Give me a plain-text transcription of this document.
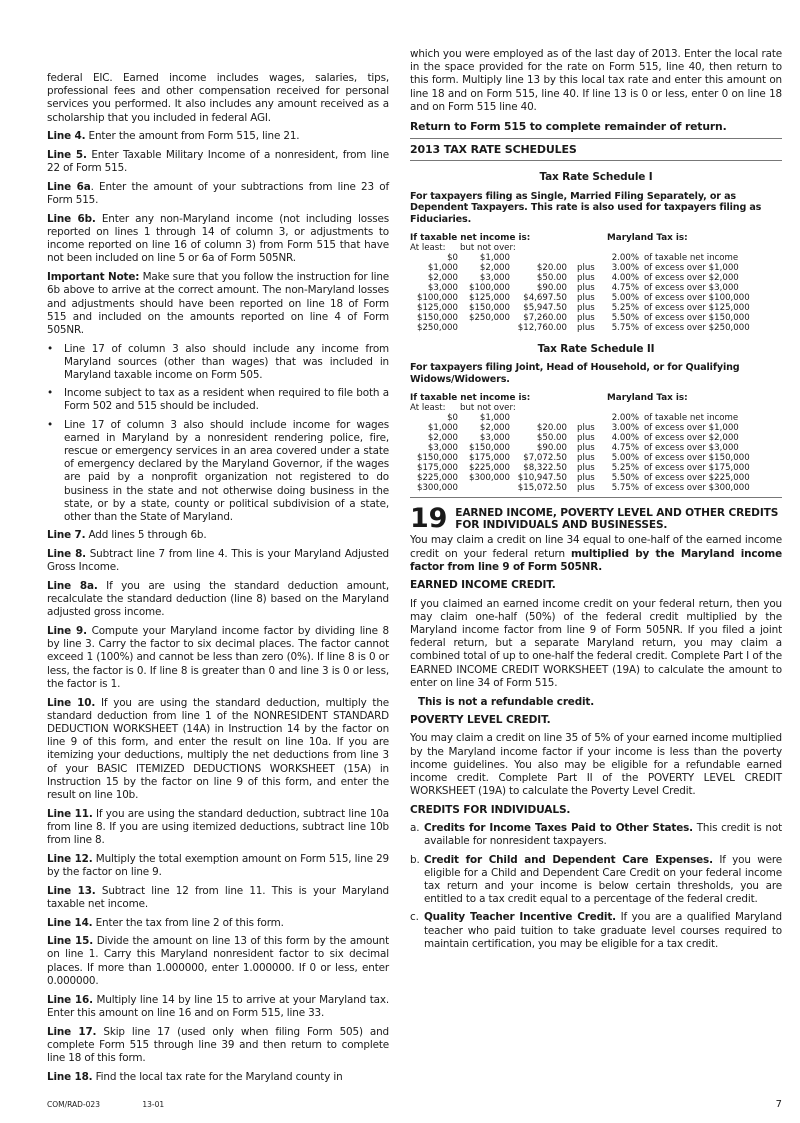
federal EIC. Earned income includes wages, salaries, tips, professional fees and other compensation received for personal services you performed. It also includes any amount received as a scholarship that you included in federal AGI.

Line 4. Enter the amount from Form 515, line 21.

Line 5. Enter Taxable Military Income of a nonresident, from line 22 of Form 515.

Line 6a. Enter the amount of your subtractions from line 23 of Form 515.

Line 6b. Enter any non-Maryland income (not including losses reported on lines 1 through 14 of column 3, or adjustments to income reported on line 16 of column 3) from Form 515 that have not been included on line 5 or 6a of Form 505NR.

Important Note: Make sure that you follow the instruction for line 6b above to arrive at the correct amount. The non-Maryland losses and adjustments should have been reported on line 18 of Form 515 and included on the amounts reported on line 4 of Form 505NR.

• Line 17 of column 3 also should include any income from Maryland sources (other than wages) that was included in Maryland taxable income on Form 505.
• Income subject to tax as a resident when required to file both a Form 502 and 515 should be included.
• Line 17 of column 3 also should include income for wages earned in Maryland by a nonresident rendering police, fire, rescue or emergency services in an area covered under a state of emergency declared by the Maryland Governor, if the wages are paid by a nonprofit organization not registered to do business in the state and not otherwise doing business in the state, or by a state, county or political subdivision of a state, other than the State of Maryland.

Line 7. Add lines 5 through 6b.

Line 8. Subtract line 7 from line 4. This is your Maryland Adjusted Gross Income.

Line 8a. If you are using the standard deduction amount, recalculate the standard deduction (line 8) based on the Maryland adjusted gross income.

Line 9. Compute your Maryland income factor by dividing line 8 by line 3. Carry the factor to six decimal places. The factor cannot exceed 1 (100%) and cannot be less than zero (0%). If line 8 is 0 or less, the factor is 0. If line 8 is greater than 0 and line 3 is 0 or less, the factor is 1.

Line 10. If you are using the standard deduction, multiply the standard deduction from line 1 of the NONRESIDENT STANDARD DEDUCTION WORKSHEET (14A) in Instruction 14 by the factor on line 9 of this form, and enter the result on line 10a. If you are itemizing your deductions, multiply the net deductions from line 3 of your BASIC ITEMIZED DEDUCTIONS WORKSHEET (15A) in Instruction 15 by the factor on line 9 of this form, and enter the result on line 10b.

Line 11. If you are using the standard deduction, subtract line 10a from line 8. If you are using itemized deductions, subtract line 10b from line 8.

Line 12. Multiply the total exemption amount on Form 515, line 29 by the factor on line 9.

Line 13. Subtract line 12 from line 11. This is your Maryland taxable net income.

Line 14. Enter the tax from line 2 of this form.

Line 15. Divide the amount on line 13 of this form by the amount on line 1. Carry this Maryland nonresident factor to six decimal places. If more than 1.000000, enter 1.000000. If 0 or less, enter 0.000000.

Line 16. Multiply line 14 by line 15 to arrive at your Maryland tax. Enter this amount on line 16 and on Form 515, line 33.

Line 17. Skip line 17 (used only when filing Form 505) and complete Form 515 through line 39 and then return to complete line 18 of this form.

Line 18. Find the local tax rate for the Maryland county in

which you were employed as of the last day of 2013. Enter the local rate in the space provided for the rate on Form 515, line 40, then return to this form. Multiply line 13 by this local tax rate and enter this amount on line 18 and on Form 515, line 40. If line 13 is 0 or less, enter 0 on line 18 and on Form 515 line 40.

Return to Form 515 to complete remainder of return.

2013 TAX RATE SCHEDULES
Tax Rate Schedule I
For taxpayers filing as Single, Married Filing Separately, or as Dependent Taxpayers. This rate is also used for taxpayers filing as Fiduciaries.
If taxable net income is:				Maryland Tax is:	
At least:	but not over:				
$0	$1,000			2.00%	of taxable net income
$1,000	$2,000	$20.00	plus	3.00%	of excess over $1,000
$2,000	$3,000	$50.00	plus	4.00%	of excess over $2,000
$3,000	$100,000	$90.00	plus	4.75%	of excess over $3,000
$100,000	$125,000	$4,697.50	plus	5.00%	of excess over $100,000
$125,000	$150,000	$5,947.50	plus	5.25%	of excess over $125,000
$150,000	$250,000	$7,260.00	plus	5.50%	of excess over $150,000
$250,000		$12,760.00	plus	5.75%	of excess over $250,000
Tax Rate Schedule II
For taxpayers filing Joint, Head of Household, or for Qualifying Widows/Widowers.
If taxable net income is:				Maryland Tax is:	
At least:	but not over:				
$0	$1,000			2.00%	of taxable net income
$1,000	$2,000	$20.00	plus	3.00%	of excess over $1,000
$2,000	$3,000	$50.00	plus	4.00%	of excess over $2,000
$3,000	$150,000	$90.00	plus	4.75%	of excess over $3,000
$150,000	$175,000	$7,072.50	plus	5.00%	of excess over $150,000
$175,000	$225,000	$8,322.50	plus	5.25%	of excess over $175,000
$225,000	$300,000	$10,947.50	plus	5.50%	of excess over $225,000
$300,000		$15,072.50	plus	5.75%	of excess over $300,000
19 EARNED INCOME, POVERTY LEVEL AND OTHER CREDITS FOR INDIVIDUALS AND BUSINESSES.

You may claim a credit on line 34 equal to one-half of the earned income credit on your federal return multiplied by the Maryland income factor from line 9 of Form 505NR.

EARNED INCOME CREDIT.

If you claimed an earned income credit on your federal return, then you may claim one-half (50%) of the federal credit multiplied by the Maryland income factor from line 9 of Form 505NR. If you filed a joint federal return, but a separate Maryland return, you may claim a combined total of up to one-half the federal credit. Complete Part I of the EARNED INCOME CREDIT WORKSHEET (19A) to calculate the amount to enter on line 34 of Form 515.

This is not a refundable credit.

POVERTY LEVEL CREDIT.

You may claim a credit on line 35 of 5% of your earned income multiplied by the Maryland income factor if your income is less than the poverty income guidelines. You also may be eligible for a refundable earned income credit. Complete Part II of the POVERTY LEVEL CREDIT WORKSHEET (19A) to calculate the Poverty Level Credit.

CREDITS FOR INDIVIDUALS.
a. Credits for Income Taxes Paid to Other States. This credit is not available for nonresident taxpayers.
b. Credit for Child and Dependent Care Expenses. If you were eligible for a Child and Dependent Care Credit on your federal income tax return and your income is below certain thresholds, you are entitled to a tax credit equal to a percentage of the federal credit.
c. Quality Teacher Incentive Credit. If you are a qualified Maryland teacher who paid tuition to take graduate level courses required to maintain certification, you may be eligible for a tax credit.
COM/RAD-023	13-01	7
